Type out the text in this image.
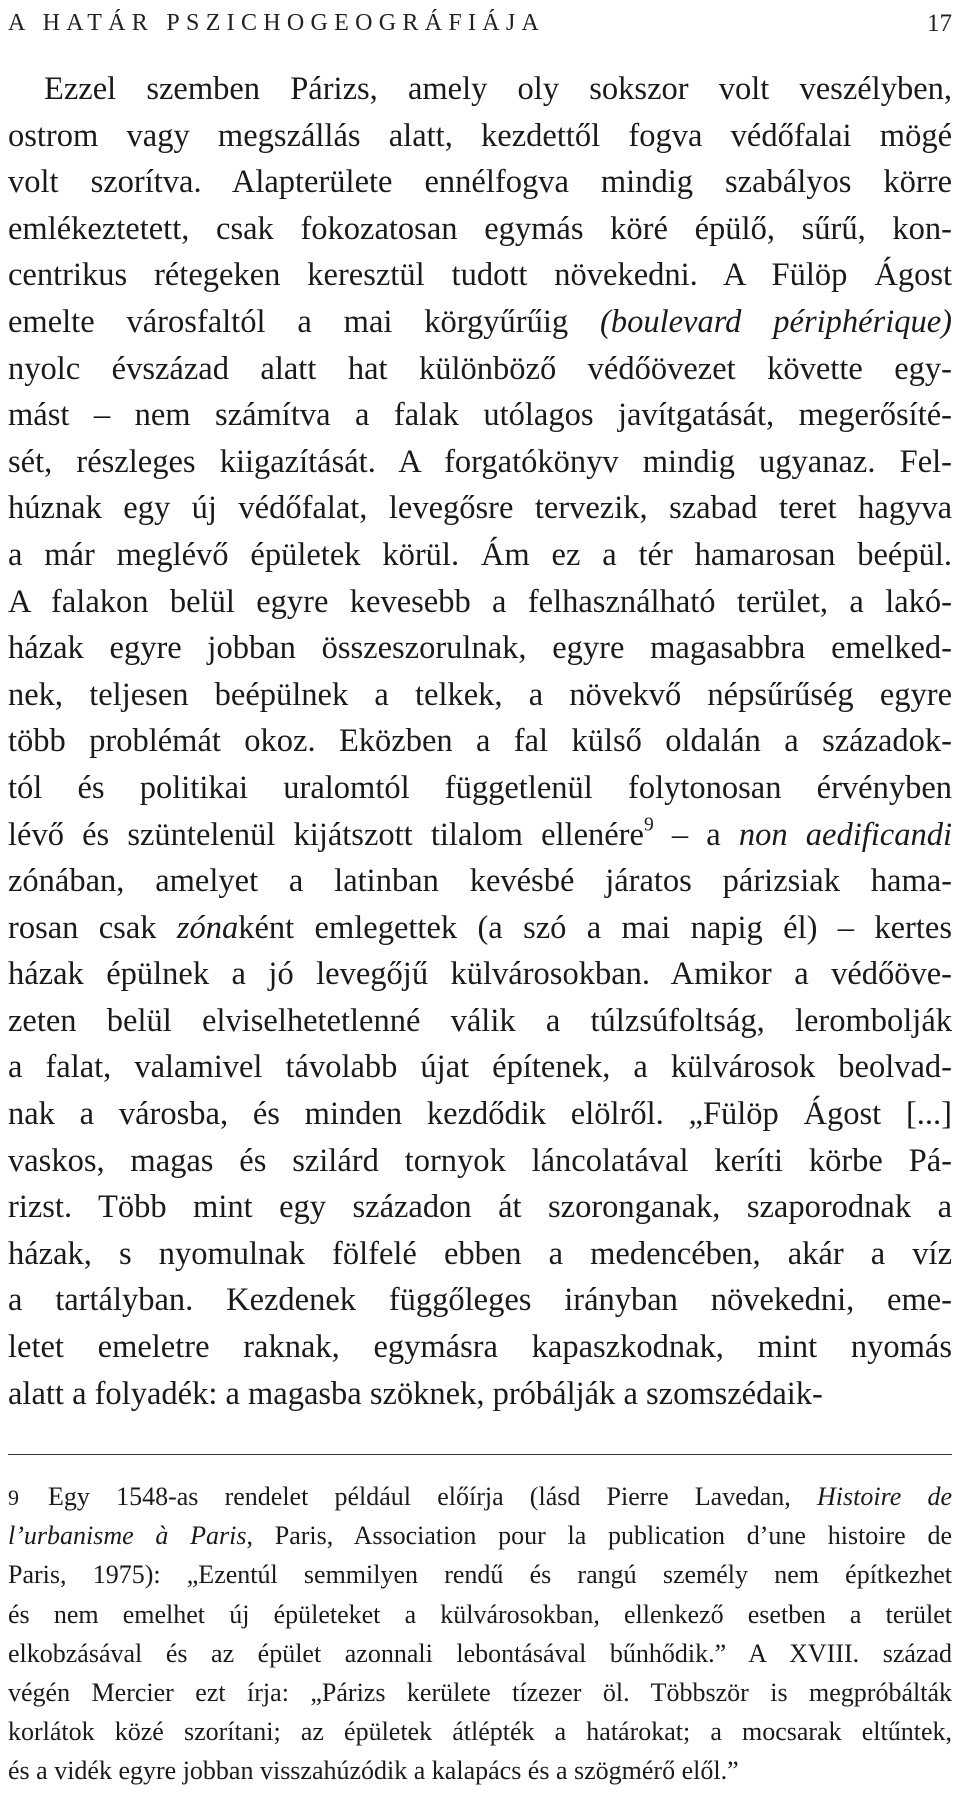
A HATÁR PSZICHOGEOGRÁFIÁJA	17
Ezzel szemben Párizs, amely oly sokszor volt veszélyben,
ostrom vagy megszállás alatt, kezdettől fogva védőfalai mögé
volt szorítva. Alapterülete ennélfogva mindig szabályos körre
emlékeztetett, csak fokozatosan egymás köré épülő, sűrű, kon-
centrikus rétegeken keresztül tudott növekedni. A Fülöp Ágost
emelte városfaltól a mai körgyűrűig (boulevard périphérique)
nyolc évszázad alatt hat különböző védőövezet követte egy-
mást – nem számítva a falak utólagos javítgatását, megerősíté-
sét, részleges kiigazítását. A forgatókönyv mindig ugyanaz. Fel-
húznak egy új védőfalat, levegősre tervezik, szabad teret hagyva
a már meglévő épületek körül. Ám ez a tér hamarosan beépül.
A falakon belül egyre kevesebb a felhasználható terület, a lakó-
házak egyre jobban összeszorulnak, egyre magasabbra emelked-
nek, teljesen beépülnek a telkek, a növekvő népsűrűség egyre
több problémát okoz. Eközben a fal külső oldalán a századok-
tól és politikai uralomtól függetlenül folytonosan érvényben
lévő és szüntelenül kijátszott tilalom ellenére$^9$ – a non aedificandi
zónában, amelyet a latinban kevésbé járatos párizsiak hama-
rosan csak zónaként emlegettek (a szó a mai napig él) – kertes
házak épülnek a jó levegőjű külvárosokban. Amikor a védőöve-
zeten belül elviselhetetlenné válik a túlzsúfoltság, lerombolják
a falat, valamivel távolabb újat építenek, a külvárosok beolvad-
nak a városba, és minden kezdődik elölről. „Fülöp Ágost [...]
vaskos, magas és szilárd tornyok láncolatával keríti körbe Pá-
rizst. Több mint egy századon át szoronganak, szaporodnak a
házak, s nyomulnak fölfelé ebben a medencében, akár a víz
a tartályban. Kezdenek függőleges irányban növekedni, eme-
letet emeletre raknak, egymásra kapaszkodnak, mint nyomás
alatt a folyadék: a magasba szöknek, próbálják a szomszédaik-
9 Egy 1548-as rendelet például előírja (lásd Pierre Lavedan, Histoire de
l’urbanisme à Paris, Paris, Association pour la publication d’une histoire de
Paris, 1975): „Ezentúl semmilyen rendű és rangú személy nem építkezhet
és nem emelhet új épületeket a külvárosokban, ellenkező esetben a terület
elkobzásával és az épület azonnali lebontásával bűnhődik.” A XVIII. század
végén Mercier ezt írja: „Párizs kerülete tízezer öl. Többször is megpróbálták
korlátok közé szorítani; az épületek átlépték a határokat; a mocsarak eltűntek,
és a vidék egyre jobban visszahúzódik a kalapács és a szögmérő elől.”
